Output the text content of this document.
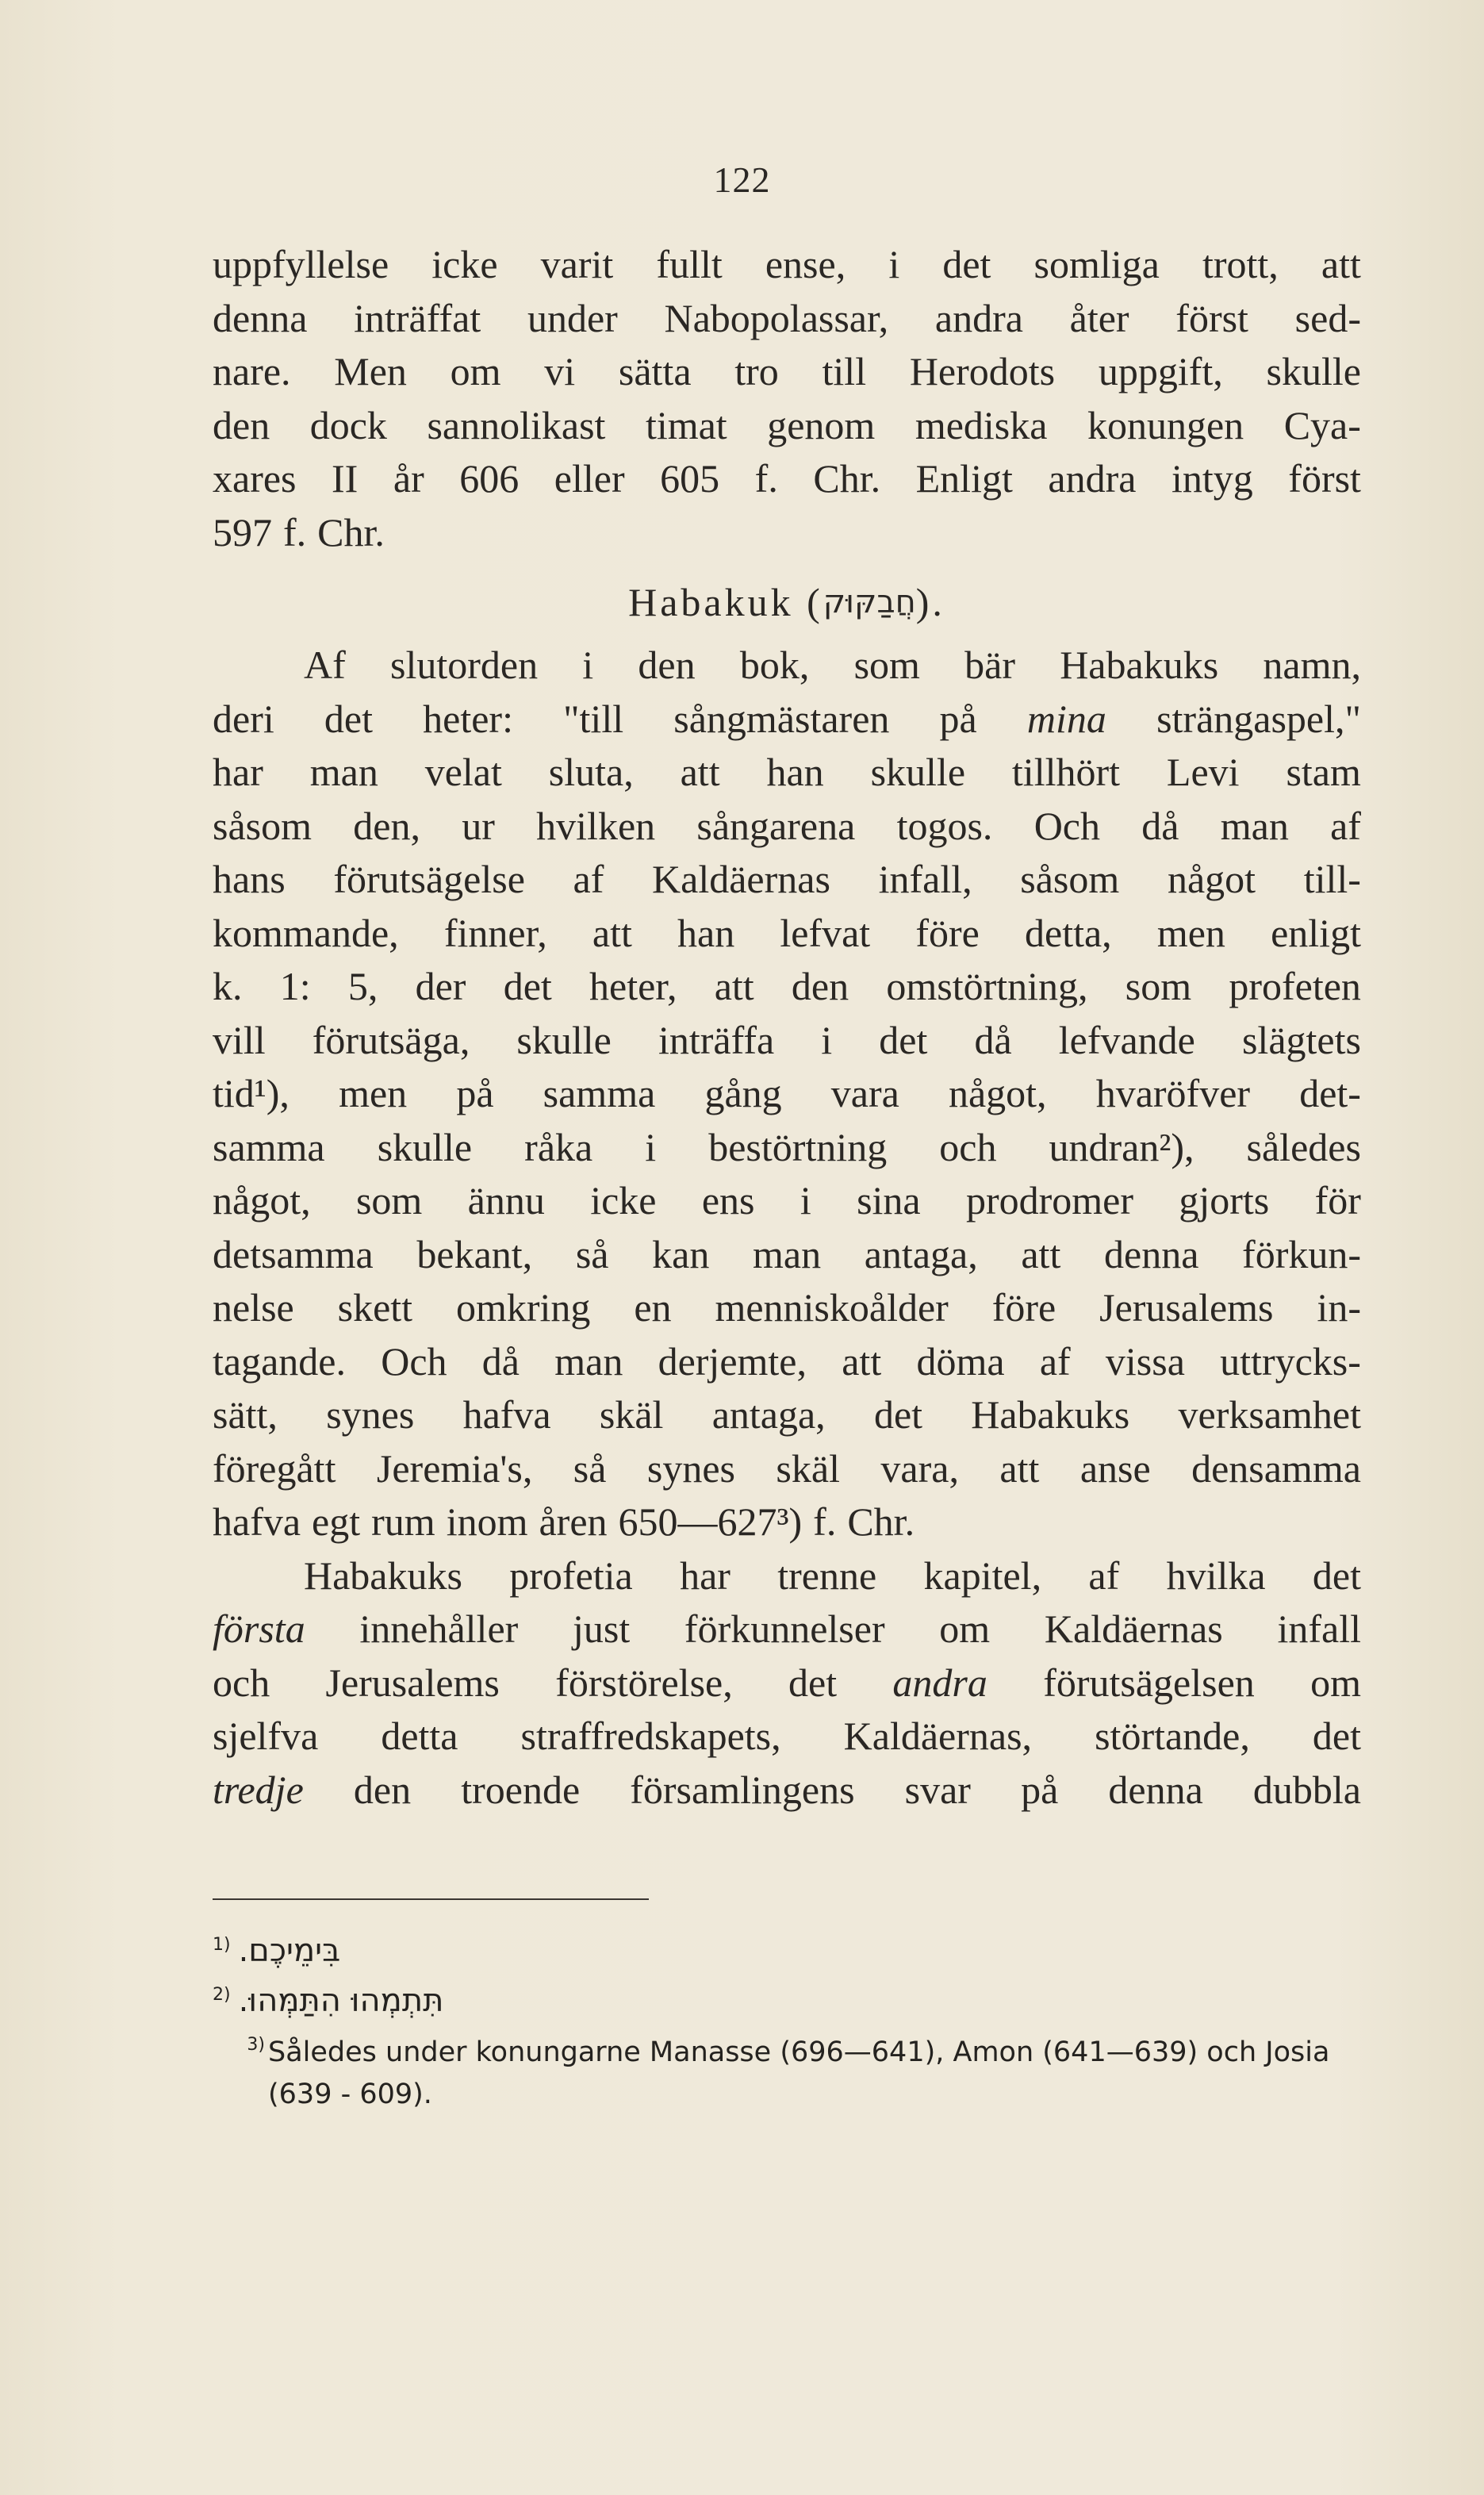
122
uppfyllelse icke varit fullt ense, i det somliga trott, att
denna inträffat under Nabopolassar, andra åter först sed-
nare. Men om vi sätta tro till Herodots uppgift, skulle
den dock sannolikast timat genom mediska konungen Cya-
xares II år 606 eller 605 f. Chr. Enligt andra intyg först
597 f. Chr.
Habakuk ( חֲבַקּוּק ).
Af slutorden i den bok, som bär Habakuks namn,
deri det heter: "till sångmästaren på mina strängaspel,"
har man velat sluta, att han skulle tillhört Levi stam
såsom den, ur hvilken sångarena togos. Och då man af
hans förutsägelse af Kaldäernas infall, såsom något till-
kommande, finner, att han lefvat före detta, men enligt
k. 1: 5, der det heter, att den omstörtning, som profeten
vill förutsäga, skulle inträffa i det då lefvande slägtets
tid¹), men på samma gång vara något, hvaröfver det-
samma skulle råka i bestörtning och undran²), således
något, som ännu icke ens i sina prodromer gjorts för
detsamma bekant, så kan man antaga, att denna förkun-
nelse skett omkring en menniskoålder före Jerusalems in-
tagande. Och då man derjemte, att döma af vissa uttrycks-
sätt, synes hafva skäl antaga, det Habakuks verksamhet
föregått Jeremia's, så synes skäl vara, att anse densamma
hafva egt rum inom åren 650—627³) f. Chr.
Habakuks profetia har trenne kapitel, af hvilka det
första innehåller just förkunnelser om Kaldäernas infall
och Jerusalems förstörelse, det andra förutsägelsen om
sjelfva detta straffredskapets, Kaldäernas, störtande, det
tredje den troende församlingens svar på denna dubbla
$^{1)}$ בִּימֵיכֶם.
$^{2)}$ תִּתְמְהוּ הִתַּמְּהוּ.
3) Således under konungarne Manasse (696—641), Amon (641—639) och Josia (639 - 609).
